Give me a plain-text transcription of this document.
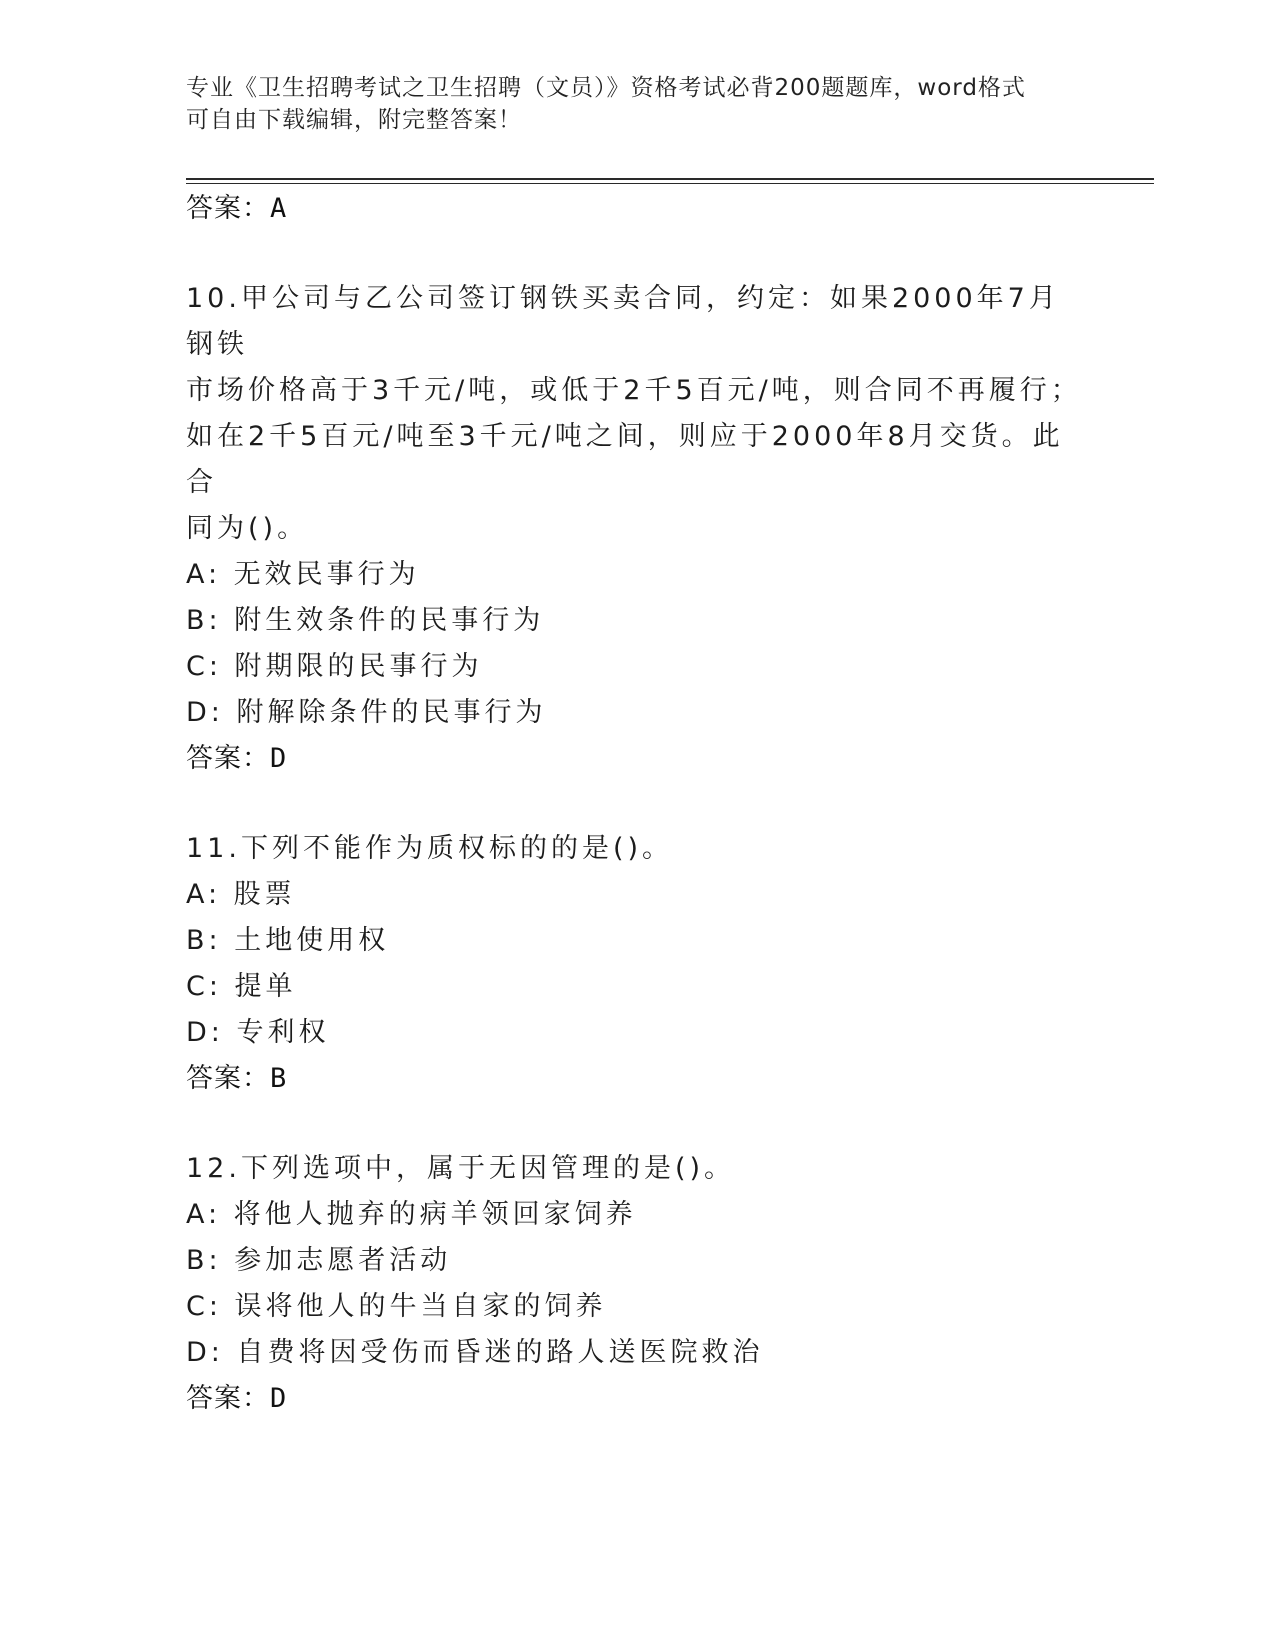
专业《卫生招聘考试之卫生招聘（文员）》资格考试必背200题题库，word格式
可自由下载编辑，附完整答案！
答案：A
10.甲公司与乙公司签订钢铁买卖合同，约定：如果2000年7月钢铁
市场价格高于3千元/吨，或低于2千5百元/吨，则合同不再履行；
如在2千5百元/吨至3千元/吨之间，则应于2000年8月交货。此合
同为()。
A: 无效民事行为
B: 附生效条件的民事行为
C: 附期限的民事行为
D: 附解除条件的民事行为
答案：D
11.下列不能作为质权标的的是()。
A: 股票
B: 土地使用权
C: 提单
D: 专利权
答案：B
12.下列选项中，属于无因管理的是()。
A: 将他人抛弃的病羊领回家饲养
B: 参加志愿者活动
C: 误将他人的牛当自家的饲养
D: 自费将因受伤而昏迷的路人送医院救治
答案：D
